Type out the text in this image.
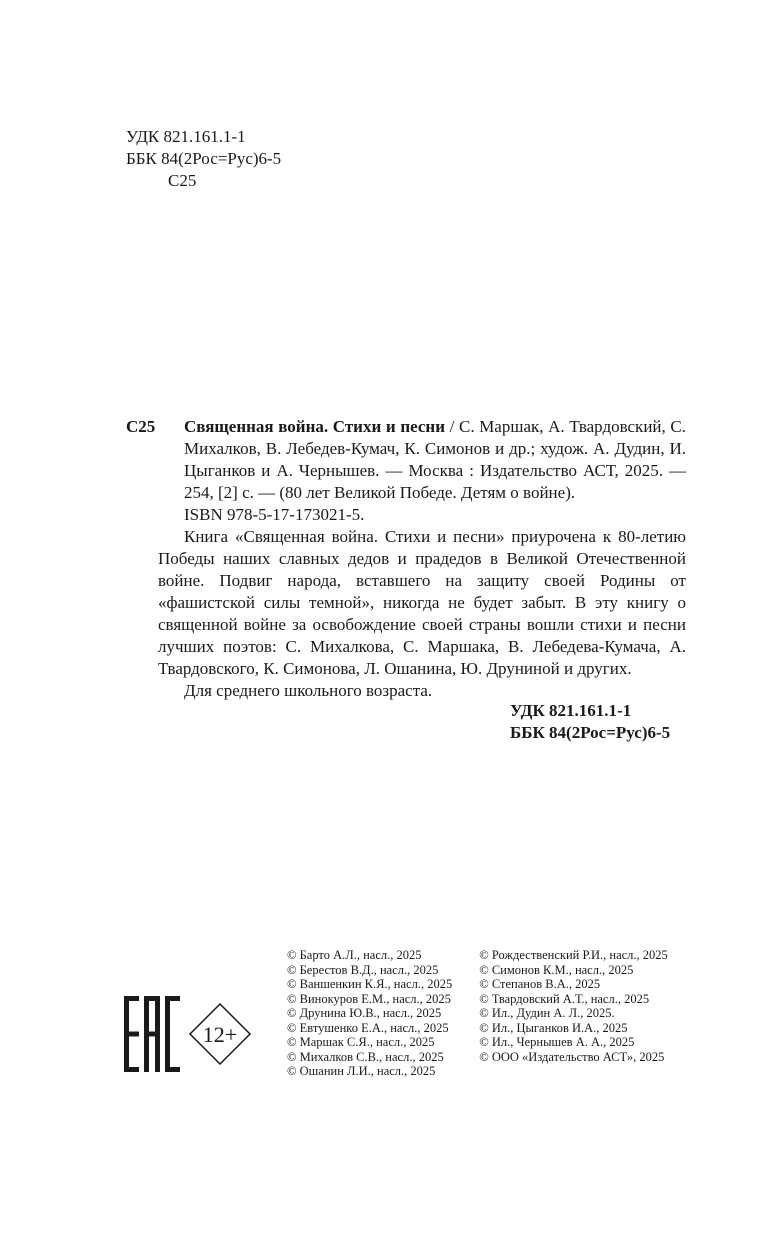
УДК 821.161.1-1
ББК 84(2Рос=Рус)6-5
С25

С25 Священная война. Стихи и песни / С. Маршак, А. Твардовский, С. Михалков, В. Лебедев-Кумач, К. Симонов и др.; худож. А. Дудин, И. Цыганков и А. Чернышев. — Москва : Издательство АСТ, 2025. —254, [2] с. — (80 лет Великой Победе. Детям о войне).

ISBN 978-5-17-173021-5.

Книга «Священная война. Стихи и песни» приурочена к 80-летию Победы наших славных дедов и прадедов в Великой Отечественной войне. Подвиг народа, вставшего на защиту своей Родины от «фашистской силы темной», никогда не будет забыт. В эту книгу о священной войне за освобождение своей страны вошли стихи и песни лучших поэтов: С. Михалкова, С. Маршака, В. Лебедева-Кумача, А. Твардовского, К. Симонова, Л. Ошанина, Ю. Друниной и других.

Для среднего школьного возраста.

УДК 821.161.1-1
ББК 84(2Рос=Рус)6-5
12+
© Барто А.Л., насл., 2025
© Берестов В.Д., насл., 2025
© Ваншенкин К.Я., насл., 2025
© Винокуров Е.М., насл., 2025
© Друнина Ю.В., насл., 2025
© Евтушенко Е.А., насл., 2025
© Маршак С.Я., насл., 2025
© Михалков С.В., насл., 2025
© Ошанин Л.И., насл., 2025
© Рождественский Р.И., насл., 2025
© Симонов К.М., насл., 2025
© Степанов В.А., 2025
© Твардовский А.Т., насл., 2025
© Ил., Дудин А. Л., 2025.
© Ил., Цыганков И.А., 2025
© Ил., Чернышев А. А., 2025
© ООО «Издательство АСТ», 2025
